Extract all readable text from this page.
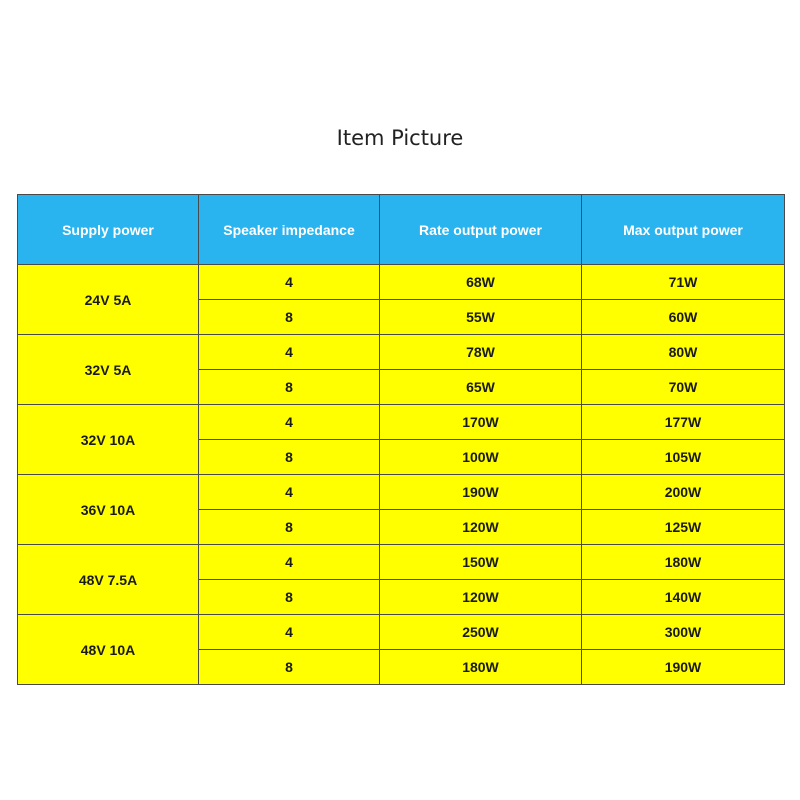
Item Picture
Supply power	Speaker impedance	Rate output power	Max output power
24V 5A	4	68W	71W
	8	55W	60W
32V 5A	4	78W	80W
	8	65W	70W
32V 10A	4	170W	177W
	8	100W	105W
36V 10A	4	190W	200W
	8	120W	125W
48V 7.5A	4	150W	180W
	8	120W	140W
48V 10A	4	250W	300W
	8	180W	190W
